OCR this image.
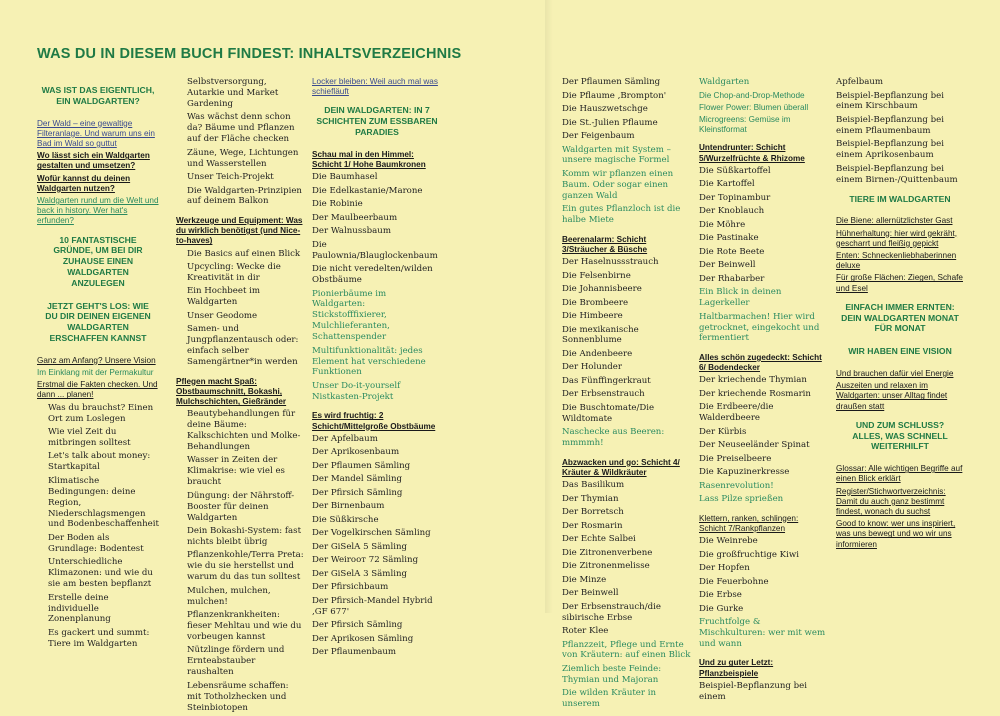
WAS DU IN DIESEM BUCH FINDEST: INHALTSVERZEICHNIS
WAS IST DAS EIGENTLICH, EIN WALDGARTEN?
Der Wald – eine gewaltige Filteranlage. Und warum uns ein Bad im Wald so guttut
Wo lässt sich ein Waldgarten gestalten und umsetzen?
Wofür kannst du deinen Waldgarten nutzen?
Waldgarten rund um die Welt und back in history. Wer hat's erfunden?
10 FANTASTISCHE GRÜNDE, UM BEI DIR ZUHAUSE EINEN WALDGARTEN ANZULEGEN
JETZT GEHT'S LOS: WIE DU DIR DEINEN EIGENEN WALDGARTEN ERSCHAFFEN KANNST
Ganz am Anfang? Unsere Vision
Im Einklang mit der Permakultur
Erstmal die Fakten checken. Und dann ... planen!
Was du brauchst? Einen Ort zum Loslegen
Wie viel Zeit du mitbringen solltest
Let's talk about money: Startkapital
Klimatische Bedingungen: deine Region, Niederschlagsmengen und Bodenbeschaffenheit
Der Boden als Grundlage: Bodentest
Unterschiedliche Klimazonen: und wie du sie am besten bepflanzt
Erstelle deine individuelle Zonenplanung
Es gackert und summt: Tiere im Waldgarten
Selbstversorgung, Autarkie und Market Gardening
Was wächst denn schon da? Bäume und Pflanzen auf der Fläche checken
Zäune, Wege, Lichtungen und Wasserstellen
Unser Teich-Projekt
Die Waldgarten-Prinzipien auf deinem Balkon
Werkzeuge und Equipment: Was du wirklich benötigst (und Nice-to-haves)
Die Basics auf einen Blick
Upcycling: Wecke die Kreativität in dir
Ein Hochbeet im Waldgarten
Unser Geodome
Samen- und Jungpflanzentausch oder: einfach selber Samengärtner*in werden
Pflegen macht Spaß: Obstbaumschnitt, Bokashi, Mulchschichten, Gießränder
Beautybehandlungen für deine Bäume: Kalkschichten und Molke-Behandlungen
Wasser in Zeiten der Klimakrise: wie viel es braucht
Düngung: der Nährstoff-Booster für deinen Waldgarten
Dein Bokashi-System: fast nichts bleibt übrig
Pflanzenkohle/Terra Preta: wie du sie herstellst und warum du das tun solltest
Mulchen, mulchen, mulchen!
Pflanzenkrankheiten: fieser Mehltau und wie du vorbeugen kannst
Nützlinge fördern und Ernteabstauber raushalten
Lebensräume schaffen: mit Totholzhecken und Steinbiotopen
Locker bleiben: Weil auch mal was schiefläuft
DEIN WALDGARTEN: IN 7 SCHICHTEN ZUM ESSBAREN PARADIES
Schau mal in den Himmel: Schicht 1/ Hohe Baumkronen
Die Baumhasel
Die Edelkastanie/Marone
Die Robinie
Der Maulbeerbaum
Der Walnussbaum
Die Paulownia/Blauglockenbaum
Die nicht veredelten/wilden Obstbäume
Pionierbäume im Waldgarten: Stickstofffixierer, Mulchlieferanten, Schattenspender
Multifunktionalität: jedes Element hat verschiedene Funktionen
Unser Do-it-yourself Nistkasten-Projekt
Es wird fruchtig: 2 Schicht/Mittelgroße Obstbäume
Der Apfelbaum
Der Aprikosenbaum
Der Pflaumen Sämling
Der Mandel Sämling
Der Pfirsich Sämling
Der Birnenbaum
Die Süßkirsche
Der Vogelkirschen Sämling
Der GiSelA 5 Sämling
Der Weirooт 72 Sämling
Der GiSelA 3 Sämling
Der Pfirsichbaum
Der Pfirsich-Mandel Hybrid ‚GF 677'
Der Pfirsich Sämling
Der Aprikosen Sämling
Der Pflaumenbaum
Der Pflaumen Sämling
Die Pflaume ‚Brompton'
Die Hauszwetschge
Die St.-Julien Pflaume
Der Feigenbaum
Waldgarten mit System – unsere magische Formel
Komm wir pflanzen einen Baum. Oder sogar einen ganzen Wald
Ein gutes Pflanzloch ist die halbe Miete
Beerenalarm: Schicht 3/Sträucher & Büsche
Der Haselnussstrauch
Die Felsenbirne
Die Johannisbeere
Die Brombeere
Die Himbeere
Die mexikanische Sonnenblume
Die Andenbeere
Der Holunder
Das Fünffingerkraut
Der Erbsenstrauch
Die Buschtomate/Die Wildtomate
Naschecke aus Beeren: mmmmh!
Abzwacken und go: Schicht 4/ Kräuter & Wildkräuter
Das Basilikum
Der Thymian
Der Borretsch
Der Rosmarin
Der Echte Salbei
Die Zitronenverbene
Die Zitronenmelisse
Die Minze
Der Beinwell
Der Erbsenstrauch/die sibirische Erbse
Roter Klee
Pflanzzeit, Pflege und Ernte von Kräutern: auf einen Blick
Ziemlich beste Feinde: Thymian und Majoran
Die wilden Kräuter in unserem
Waldgarten
Die Chop-and-Drop-Methode
Flower Power: Blumen überall
Microgreens: Gemüse im Kleinstformat
Untendrunter: Schicht 5/Wurzelfrüchte & Rhizome
Die Süßkartoffel
Die Kartoffel
Der Topinambur
Der Knoblauch
Die Möhre
Die Pastinake
Die Rote Beete
Der Beinwell
Der Rhabarber
Ein Blick in deinen Lagerkeller
Haltbarmachen! Hier wird getrocknet, eingekocht und fermentiert
Alles schön zugedeckt: Schicht 6/ Bodendecker
Der kriechende Thymian
Der kriechende Rosmarin
Die Erdbeere/die Walderdbeere
Der Kürbis
Der Neuseeländer Spinat
Die Preiselbeere
Die Kapuzinerkresse
Rasenrevolution!
Lass Pilze sprießen
Klettern, ranken, schlingen: Schicht 7/Rankpflanzen
Die Weinrebe
Die großfruchtige Kiwi
Der Hopfen
Die Feuerbohne
Die Erbse
Die Gurke
Fruchtfolge & Mischkulturen: wer mit wem und wann
Und zu guter Letzt: Pflanzbeispiele
Beispiel-Bepflanzung bei einem
Apfelbaum
Beispiel-Bepflanzung bei einem Kirschbaum
Beispiel-Bepflanzung bei einem Pflaumenbaum
Beispiel-Bepflanzung bei einem Aprikosenbaum
Beispiel-Bepflanzung bei einem Birnen-/Quittenbaum
TIERE IM WALDGARTEN
Die Biene: allernützlichster Gast
Hühnerhaltung: hier wird gekräht, gescharrt und fleißig gepickt
Enten: Schneckenliebhaberinnen deluxe
Für große Flächen: Ziegen, Schafe und Esel
EINFACH IMMER ERNTEN: DEIN WALDGARTEN MONAT FÜR MONAT
WIR HABEN EINE VISION
Und brauchen dafür viel Energie
Auszeiten und relaxen im Waldgarten: unser Alltag findet draußen statt
UND ZUM SCHLUSS? ALLES, WAS SCHNELL WEITERHILFT
Glossar: Alle wichtigen Begriffe auf einen Blick erklärt
Register/Stichwortverzeichnis: Damit du auch ganz bestimmt findest, wonach du suchst
Good to know: wer uns inspiriert, was uns bewegt und wo wir uns informieren
